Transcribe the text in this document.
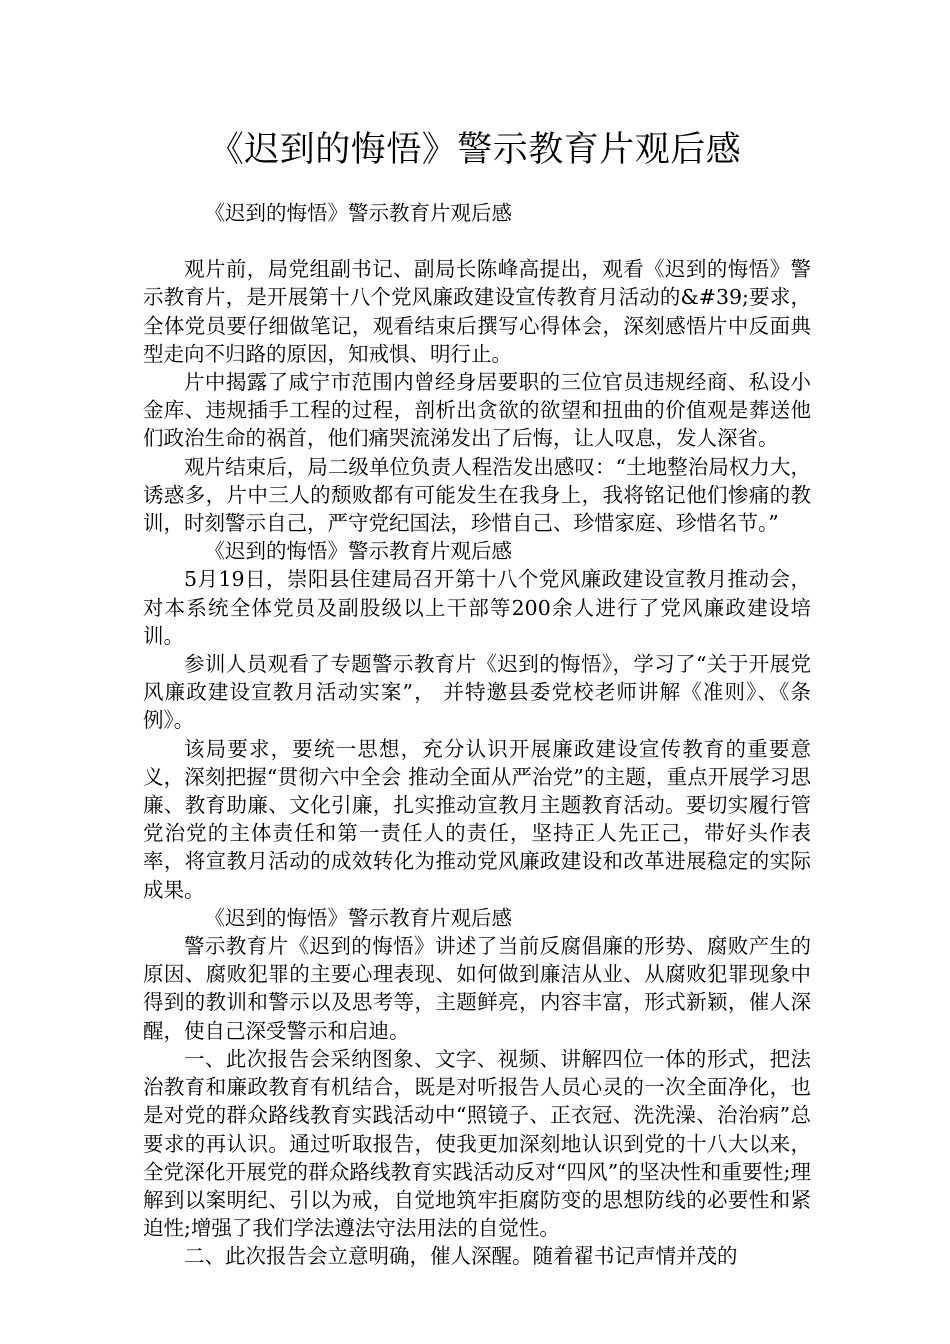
《迟到的悔悟》警示教育片观后感

《迟到的悔悟》警示教育片观后感

观片前，局党组副书记、副局长陈峰高提出，观看《迟到的悔悟》警示教育片，是开展第十八个党风廉政建设宣传教育月活动的&#39;要求，全体党员要仔细做笔记，观看结束后撰写心得体会，深刻感悟片中反面典型走向不归路的原因，知戒惧、明行止。

片中揭露了咸宁市范围内曾经身居要职的三位官员违规经商、私设小金库、违规插手工程的过程，剖析出贪欲的欲望和扭曲的价值观是葬送他们政治生命的祸首，他们痛哭流涕发出了后悔，让人叹息，发人深省。

观片结束后，局二级单位负责人程浩发出感叹：“土地整治局权力大，诱惑多，片中三人的颓败都有可能发生在我身上，我将铭记他们惨痛的教训，时刻警示自己，严守党纪国法，珍惜自己、珍惜家庭、珍惜名节。”

《迟到的悔悟》警示教育片观后感

5月19日，崇阳县住建局召开第十八个党风廉政建设宣教月推动会，对本系统全体党员及副股级以上干部等200余人进行了党风廉政建设培训。

参训人员观看了专题警示教育片《迟到的悔悟》，学习了“关于开展党风廉政建设宣教月活动实案”， 并特邀县委党校老师讲解《准则》、《条例》。

该局要求，要统一思想，充分认识开展廉政建设宣传教育的重要意义，深刻把握“贯彻六中全会 推动全面从严治党”的主题，重点开展学习思廉、教育助廉、文化引廉，扎实推动宣教月主题教育活动。要切实履行管党治党的主体责任和第一责任人的责任，坚持正人先正己，带好头作表率，将宣教月活动的成效转化为推动党风廉政建设和改革进展稳定的实际成果。

《迟到的悔悟》警示教育片观后感

警示教育片《迟到的悔悟》讲述了当前反腐倡廉的形势、腐败产生的原因、腐败犯罪的主要心理表现、如何做到廉洁从业、从腐败犯罪现象中得到的教训和警示以及思考等，主题鲜亮，内容丰富，形式新颖，催人深醒，使自己深受警示和启迪。

一、此次报告会采纳图象、文字、视频、讲解四位一体的形式，把法治教育和廉政教育有机结合，既是对听报告人员心灵的一次全面净化，也是对党的群众路线教育实践活动中“照镜子、正衣冠、洗洗澡、治治病”总要求的再认识。通过听取报告，使我更加深刻地认识到党的十八大以来，全党深化开展党的群众路线教育实践活动反对“四风”的坚决性和重要性;理解到以案明纪、引以为戒，自觉地筑牢拒腐防变的思想防线的必要性和紧迫性;增强了我们学法遵法守法用法的自觉性。

二、此次报告会立意明确，催人深醒。随着翟书记声情并茂的
